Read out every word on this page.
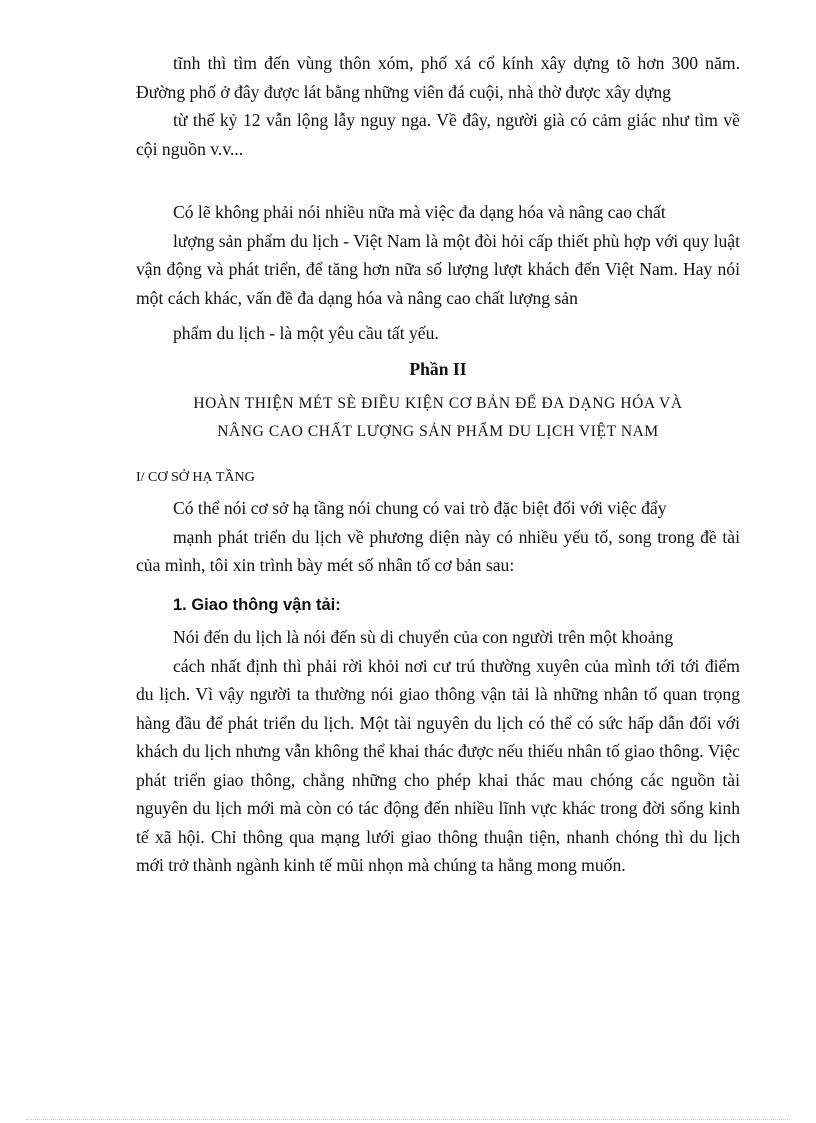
tĩnh thì tìm đến vùng thôn xóm, phố xá cổ kính xây dựng tõ hơn 300 năm. Đường phố ở đây được lát bằng những viên đá cuội, nhà thờ được xây dựng
từ thế kỷ 12 vẫn lộng lẫy nguy nga. Về đây, người già có cảm giác như tìm về cội nguồn v.v...

Có lẽ không phải nói nhiều nữa mà việc đa dạng hóa và nâng cao chất
lượng sản phẩm du lịch - Việt Nam là một đòi hỏi cấp thiết phù hợp với quy luật vận động và phát triển, để tăng hơn nữa số lượng lượt khách đến Việt Nam. Hay nói một cách khác, vấn đề đa dạng hóa và nâng cao chất lượng sản

phẩm du lịch - là một yêu cầu tất yếu.

Phần II

HOÀN THIỆN MÉT SÈ ĐIỀU KIỆN CƠ BẢN ĐỂ ĐA DẠNG HÓA VÀ
NÂNG CAO CHẤT LƯỢNG SẢN PHẨM DU LỊCH VIỆT NAM

I/ CƠ SỞ HẠ TẦNG

Có thể nói cơ sở hạ tầng nói chung có vai trò đặc biệt đối với việc đẩy
mạnh phát triển du lịch về phương diện này có nhiều yếu tố, song trong đề tài của mình, tôi xin trình bày mét số nhân tố cơ bản sau:

1. Giao thông vận tải:

Nói đến du lịch là nói đến sù di chuyển của con người trên một khoảng
cách nhất định thì phải rời khỏi nơi cư trú thường xuyên của mình tới tới điểm du lịch. Vì vậy người ta thường nói giao thông vận tải là những nhân tố quan trọng hàng đầu để phát triển du lịch. Một tài nguyên du lịch có thể có sức hấp dẫn đối với khách du lịch nhưng vẫn không thể khai thác được nếu thiếu nhân tố giao thông. Việc phát triển giao thông, chẳng những cho phép khai thác mau chóng các nguồn tài nguyên du lịch mới mà còn có tác động đến nhiều lĩnh vực khác trong đời sống kinh tế xã hội. Chỉ thông qua mạng lưới giao thông thuận tiện, nhanh chóng thì du lịch mới trở thành ngành kinh tế mũi nhọn mà chúng ta hằng mong muốn.
